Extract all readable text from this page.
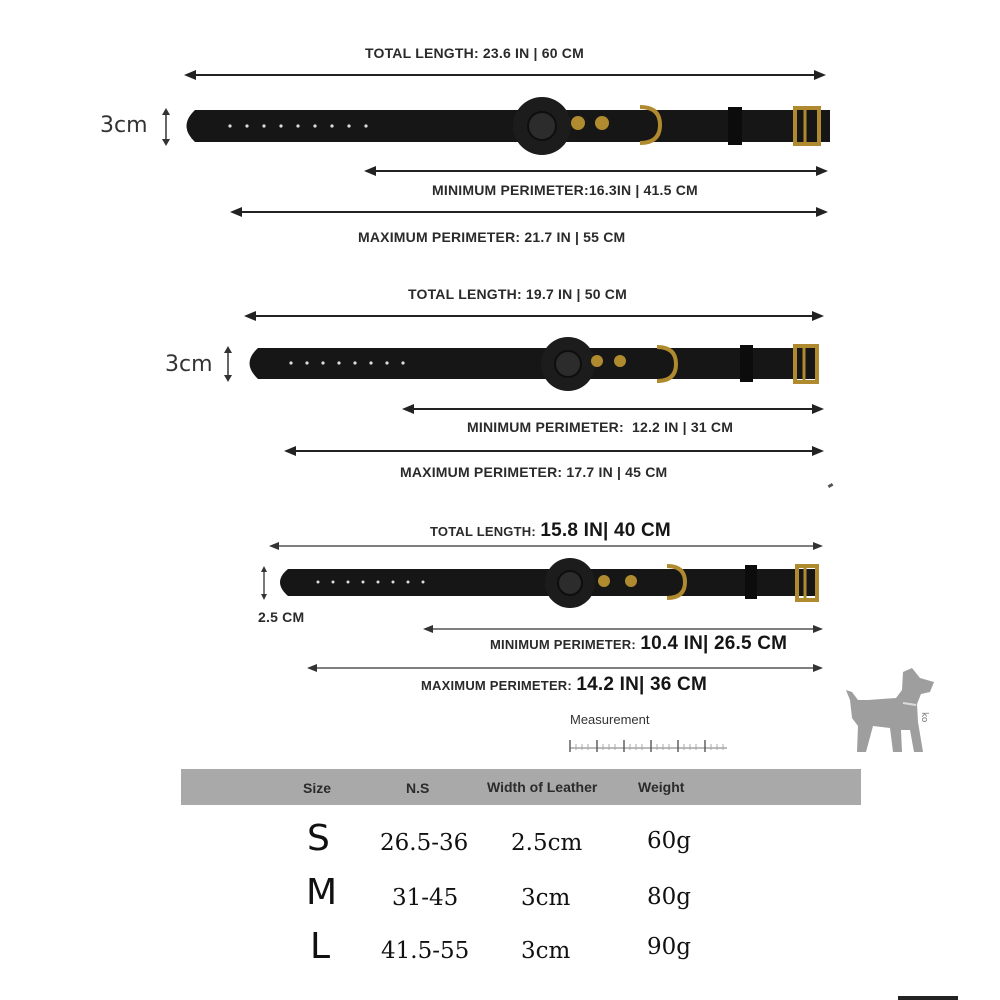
TOTAL LENGTH: 23.6 IN | 60 CM
3cm
MINIMUM PERIMETER:16.3IN | 41.5 CM
MAXIMUM PERIMETER: 21.7 IN | 55 CM
TOTAL LENGTH: 19.7 IN | 50 CM
3cm
MINIMUM PERIMETER:  12.2 IN | 31 CM
MAXIMUM PERIMETER: 17.7 IN | 45 CM
TOTAL LENGTH: 15.8 IN| 40 CM
2.5 CM
MINIMUM PERIMETER: 10.4 IN| 26.5 CM
MAXIMUM PERIMETER: 14.2 IN| 36 CM
Measurement	ko
Size	N.S	Width of Leather	Weight
S 26.5-36 2.5cm	60g
M 31-45	3cm	80g
L 41.5-55 3cm	90g
